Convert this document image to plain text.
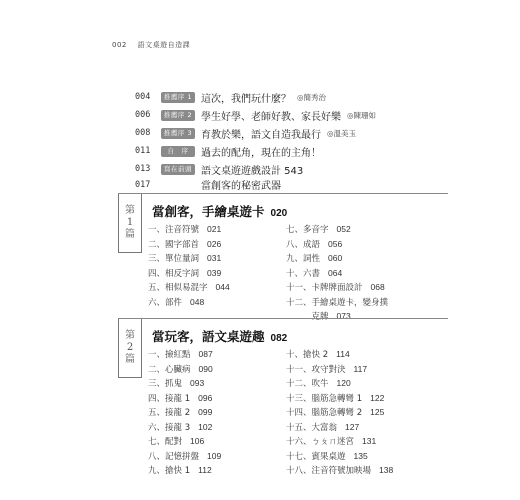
002 語文桌遊自造課
004	推薦序 1 這次，我們玩什麼？ ◎簡秀治
006	推薦序 2 學生好學、老師好教、家長好樂 ◎陳珊如
008	推薦序 3 育教於樂，語文自造我最行 ◎溫美玉
011	自　序	過去的配角，現在的主角！
013	寫在前頭 語文桌遊遊戲設計 543
017	當創客的秘密武器
第
1
篇
當創客，手繪桌遊卡 020
一、注音符號 021
二、國字部首 026
三、單位量詞 031
四、相反字詞 039
五、相似易混字 044
六、部件 048
七、多音字 052
八、成語 056
九、詞性 060
十、六書 064
十一、卡牌牌面設計 068
十二、手繪桌遊卡，變身撲
　　　克牌 073
第
2
篇
當玩客，語文桌遊趣 082
一、撿紅點 087
二、心臟病 090
三、抓鬼 093
四、接龍 1 096
五、接龍 2 099
六、接龍 3 102
七、配對 106
八、記憶拼盤 109
九、搶快 1 112
十、搶快 2 114
十一、攻守對決 117
十二、吹牛 120
十三、腦筋急轉彎 1 122
十四、腦筋急轉彎 2 125
十五、大富翁 127
十六、ㄅㄆㄇ迷宮 131
十七、賓果桌遊 135
十八、注音符號加映場 138
